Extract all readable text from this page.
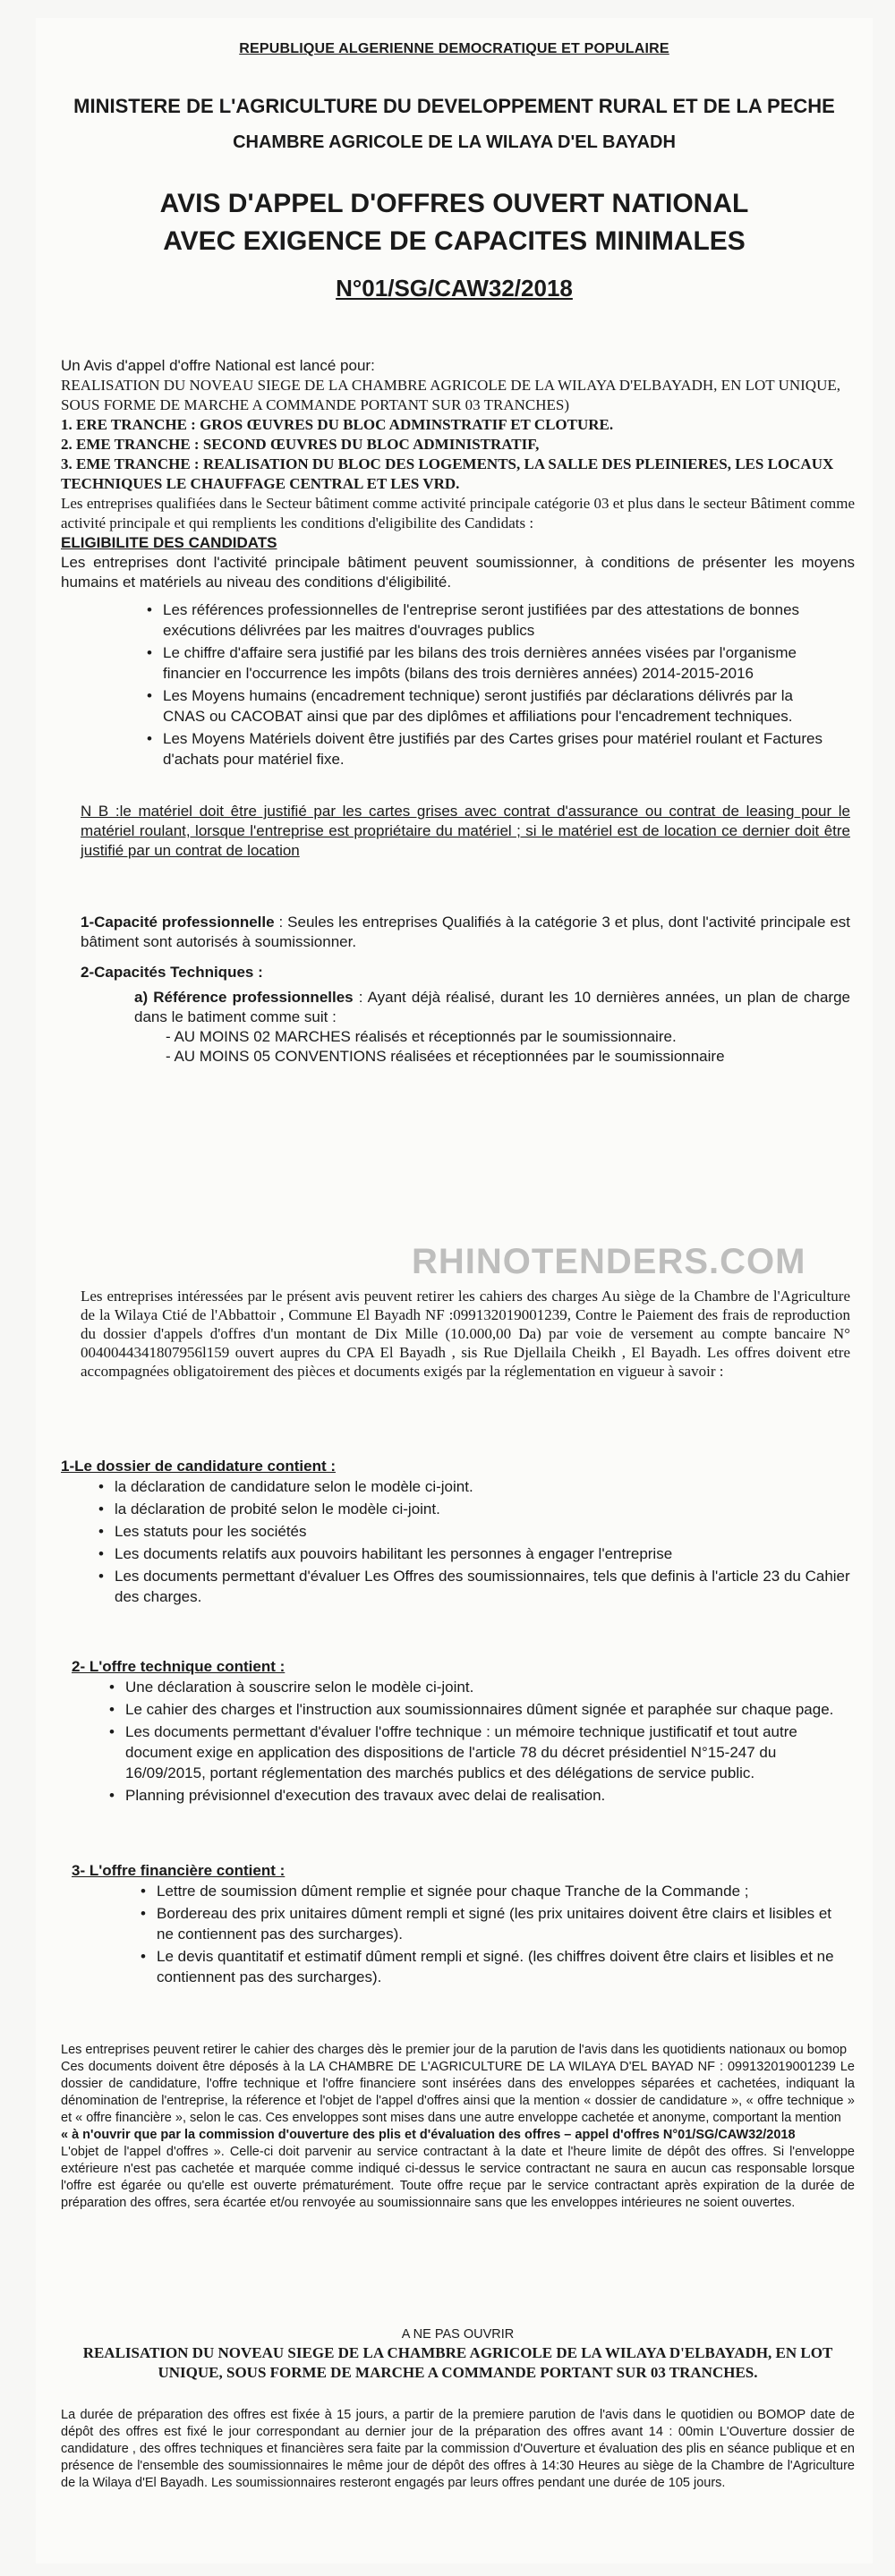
REPUBLIQUE ALGERIENNE DEMOCRATIQUE ET POPULAIRE
MINISTERE DE L'AGRICULTURE DU DEVELOPPEMENT RURAL ET DE LA PECHE
CHAMBRE AGRICOLE DE LA WILAYA D'EL BAYADH
AVIS D'APPEL D'OFFRES OUVERT NATIONAL
AVEC EXIGENCE DE CAPACITES MINIMALES
N°01/SG/CAW32/2018

Un Avis d'appel d'offre National est lancé pour:

REALISATION DU NOVEAU SIEGE DE LA CHAMBRE AGRICOLE DE LA WILAYA D'ELBAYADH, EN LOT UNIQUE, SOUS FORME DE MARCHE A COMMANDE PORTANT SUR 03 TRANCHES)

1. ERE TRANCHE : GROS ŒUVRES DU BLOC ADMINSTRATIF ET CLOTURE.

2. EME TRANCHE : SECOND ŒUVRES DU BLOC ADMINISTRATIF,

3. EME TRANCHE : REALISATION DU BLOC DES LOGEMENTS, LA SALLE DES PLEINIERES, LES LOCAUX TECHNIQUES LE CHAUFFAGE CENTRAL ET LES VRD.

Les entreprises qualifiées dans le Secteur bâtiment comme activité principale catégorie 03 et plus dans le secteur Bâtiment comme activité principale et qui remplients les conditions d'eligibilite des Candidats :

ELIGIBILITE DES CANDIDATS

Les entreprises dont l'activité principale bâtiment peuvent soumissionner, à conditions de présenter les moyens humains et matériels au niveau des conditions d'éligibilité.

• Les références professionnelles de l'entreprise seront justifiées par des attestations de bonnes exécutions délivrées par les maitres d'ouvrages publics
• Le chiffre d'affaire sera justifié par les bilans des trois dernières années visées par l'organisme financier en l'occurrence les impôts (bilans des trois dernières années) 2014-2015-2016
• Les Moyens humains (encadrement technique) seront justifiés par déclarations délivrés par la CNAS ou CACOBAT ainsi que par des diplômes et affiliations pour l'encadrement techniques.
• Les Moyens Matériels doivent être justifiés par des Cartes grises pour matériel roulant et Factures d'achats pour matériel fixe.

N B :le matériel doit être justifié par les cartes grises avec contrat d'assurance ou contrat de leasing pour le matériel roulant, lorsque l'entreprise est propriétaire du matériel ; si le matériel est de location ce dernier doit être justifié par un contrat de location

1-Capacité professionnelle : Seules les entreprises Qualifiés à la catégorie 3 et plus, dont l'activité principale est bâtiment sont autorisés à soumissionner.

2-Capacités Techniques :

a) Référence professionnelles : Ayant déjà réalisé, durant les 10 dernières années, un plan de charge dans le batiment comme suit :

- AU MOINS 02 MARCHES réalisés et réceptionnés par le soumissionnaire.

- AU MOINS 05 CONVENTIONS réalisées et réceptionnées par le soumissionnaire

RHINOTENDERS.COM

Les entreprises intéressées par le présent avis peuvent retirer les cahiers des charges Au siège de la Chambre de l'Agriculture de la Wilaya Ctié de l'Abbattoir , Commune El Bayadh NF :099132019001239, Contre le Paiement des frais de reproduction du dossier d'appels d'offres d'un montant de Dix Mille (10.000,00 Da) par voie de versement au compte bancaire N° 0040044341807956l159 ouvert aupres du CPA El Bayadh , sis Rue Djellaila Cheikh , El Bayadh. Les offres doivent etre accompagnées obligatoirement des pièces et documents exigés par la réglementation en vigueur à savoir :

1-Le dossier de candidature contient :

• la déclaration de candidature selon le modèle ci-joint.
• la déclaration de probité selon le modèle ci-joint.
• Les statuts pour les sociétés
• Les documents relatifs aux pouvoirs habilitant les personnes à engager l'entreprise
• Les documents permettant d'évaluer Les Offres des soumissionnaires, tels que definis à l'article 23 du Cahier des charges.

2- L'offre technique contient :

• Une déclaration à souscrire selon le modèle ci-joint.
• Le cahier des charges et l'instruction aux soumissionnaires dûment signée et paraphée sur chaque page.
• Les documents permettant d'évaluer l'offre technique : un mémoire technique justificatif et tout autre document exige en application des dispositions de l'article 78 du décret présidentiel N°15-247 du 16/09/2015, portant réglementation des marchés publics et des délégations de service public.
• Planning prévisionnel d'execution des travaux avec delai de realisation.

3- L'offre financière contient :

• Lettre de soumission dûment remplie et signée pour chaque Tranche de la Commande ;
• Bordereau des prix unitaires dûment rempli et signé (les prix unitaires doivent être clairs et lisibles et ne contiennent pas des surcharges).
• Le devis quantitatif et estimatif dûment rempli et signé. (les chiffres doivent être clairs et lisibles et ne contiennent pas des surcharges).

Les entreprises peuvent retirer le cahier des charges dès le premier jour de la parution de l'avis dans les quotidients nationaux ou bomop

Ces documents doivent être déposés à la LA CHAMBRE DE L'AGRICULTURE DE LA WILAYA D'EL BAYAD NF : 099132019001239 Le dossier de candidature, l'offre technique et l'offre financiere sont insérées dans des enveloppes séparées et cachetées, indiquant la dénomination de l'entreprise, la réference et l'objet de l'appel d'offres ainsi que la mention « dossier de candidature », « offre technique » et « offre financière », selon le cas. Ces enveloppes sont mises dans une autre enveloppe cachetée et anonyme, comportant la mention

« à n'ouvrir que par la commission d'ouverture des plis et d'évaluation des offres – appel d'offres N°01/SG/CAW32/2018

L'objet de l'appel d'offres ». Celle-ci doit parvenir au service contractant à la date et l'heure limite de dépôt des offres. Si l'enveloppe extérieure n'est pas cachetée et marquée comme indiqué ci-dessus le service contractant ne saura en aucun cas responsable lorsque l'offre est égarée ou qu'elle est ouverte prématurément. Toute offre reçue par le service contractant après expiration de la durée de préparation des offres, sera écartée et/ou renvoyée au soumissionnaire sans que les enveloppes intérieures ne soient ouvertes.

A NE PAS OUVRIR

REALISATION DU NOVEAU SIEGE DE LA CHAMBRE AGRICOLE DE LA WILAYA D'ELBAYADH, EN LOT UNIQUE, SOUS FORME DE MARCHE A COMMANDE PORTANT SUR 03 TRANCHES.

La durée de préparation des offres est fixée à 15 jours, a partir de la premiere parution de l'avis dans le quotidien ou BOMOP date de dépôt des offres est fixé le jour correspondant au dernier jour de la préparation des offres avant 14 : 00min L'Ouverture dossier de candidature , des offres techniques et financières sera faite par la commission d'Ouverture et évaluation des plis en séance publique et en présence de l'ensemble des soumissionnaires le même jour de dépôt des offres à 14:30 Heures au siège de la Chambre de l'Agriculture de la Wilaya d'El Bayadh. Les soumissionnaires resteront engagés par leurs offres pendant une durée de 105 jours.
